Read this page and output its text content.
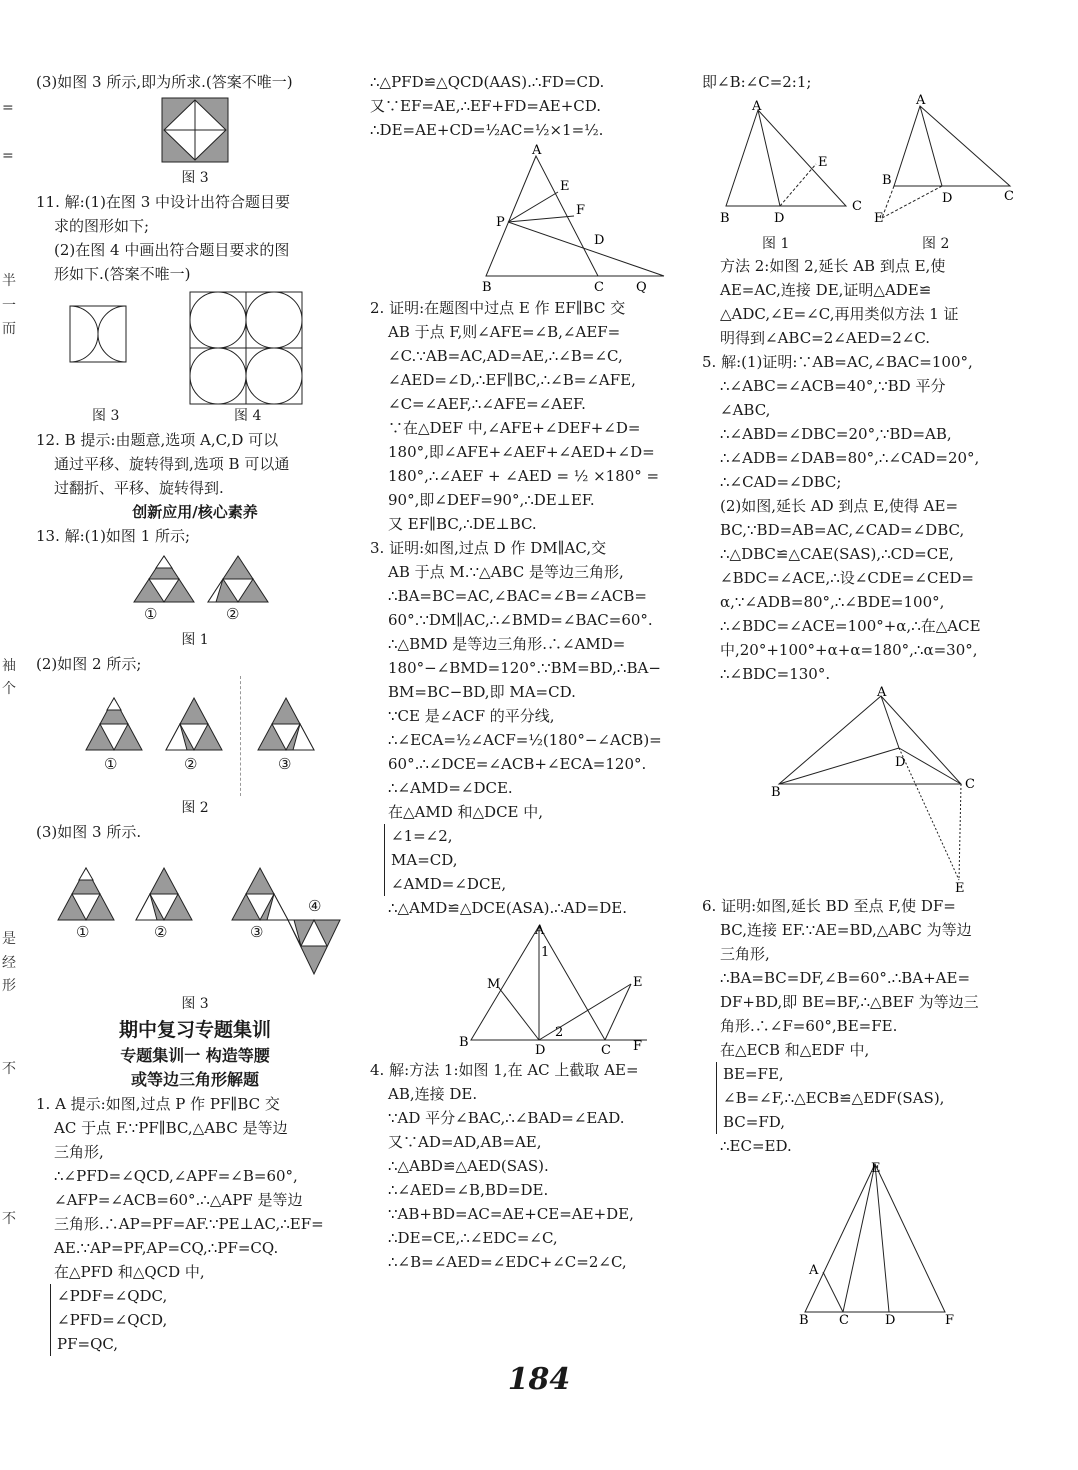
=
=
半
一
而
袖
个
是
经
形
不
不
(3)如图 3 所示,即为所求.(答案不唯一)
图 3
11. 解:(1)在图 3 中设计出符合题目要
求的图形如下;
(2)在图 4 中画出符合题目要求的图
形如下.(答案不唯一)
图 3	图 4
12. B 提示:由题意,选项 A,C,D 可以
通过平移、旋转得到,选项 B 可以通
过翻折、平移、旋转得到.
创新应用/核心素养
13. 解:(1)如图 1 所示;
①	②
图 1
(2)如图 2 所示;
①	②	③
图 2
(3)如图 3 所示.
①	②	③
④
图 3
期中复习专题集训
专题集训一 构造等腰
或等边三角形解题
1. A 提示:如图,过点 P 作 PF∥BC 交
AC 于点 F.∵PF∥BC,△ABC 是等边
三角形,
∴∠PFD=∠QCD,∠APF=∠B=60°,
∠AFP=∠ACB=60°.∴△APF 是等边
三角形.∴AP=PF=AF.∵PE⊥AC,∴EF=
AE.∵AP=PF,AP=CQ,∴PF=CQ.
在△PFD 和△QCD 中,
∠PDF=∠QDC,
∠PFD=∠QCD,
PF=QC,
∴△PFD≌△QCD(AAS).∴FD=CD.
又∵EF=AE,∴EF+FD=AE+CD.
∴DE=AE+CD=½AC=½×1=½.
A
B	C Q
P
E
F
D
2. 证明:在题图中过点 E 作 EF∥BC 交
AB 于点 F,则∠AFE=∠B,∠AEF=
∠C.∵AB=AC,AD=AE,∴∠B=∠C,
∠AED=∠D,∴EF∥BC,∴∠B=∠AFE,
∠C=∠AEF,∴∠AFE=∠AEF.
∵在△DEF 中,∠AFE+∠DEF+∠D=
180°,即∠AFE+∠AEF+∠AED+∠D=
180°,∴∠AEF + ∠AED = ½ ×180° =
90°,即∠DEF=90°,∴DE⊥EF.
又 EF∥BC,∴DE⊥BC.
3. 证明:如图,过点 D 作 DM∥AC,交
AB 于点 M.∵△ABC 是等边三角形,
∴BA=BC=AC,∠BAC=∠B=∠ACB=
60°.∵DM∥AC,∴∠BMD=∠BAC=60°.
∴△BMD 是等边三角形.∴∠AMD=
180°−∠BMD=120°.∵BM=BD,∴BA−
BM=BC−BD,即 MA=CD.
∵CE 是∠ACF 的平分线,
∴∠ECA=½∠ACF=½(180°−∠ACB)=
60°.∴∠DCE=∠ACB+∠ECA=120°.
∴∠AMD=∠DCE.
在△AMD 和△DCE 中,
∠1=∠2,
MA=CD,
∠AMD=∠DCE,
∴△AMD≌△DCE(ASA).∴AD=DE.
A
B
D	C F
E
M
1
2
4. 解:方法 1:如图 1,在 AC 上截取 AE=
AB,连接 DE.
∵AD 平分∠BAC,∴∠BAD=∠EAD.
又∵AD=AD,AB=AE,
∴△ABD≌△AED(SAS).
∴∠AED=∠B,BD=DE.
∵AB+BD=AC=AE+CE=AE+DE,
∴DE=CE,∴∠EDC=∠C,
∴∠B=∠AED=∠EDC+∠C=2∠C,
即∠B:∠C=2:1;
A
B	D
C
E
A
B
D	C
E
图 1	图 2
方法 2:如图 2,延长 AB 到点 E,使
AE=AC,连接 DE,证明△ADE≌
△ADC,∠E=∠C,再用类似方法 1 证
明得到∠ABC=2∠AED=2∠C.
5. 解:(1)证明:∵AB=AC,∠BAC=100°,
∴∠ABC=∠ACB=40°,∵BD 平分
∠ABC,
∴∠ABD=∠DBC=20°,∵BD=AB,
∴∠ADB=∠DAB=80°,∴∠CAD=20°,
∴∠CAD=∠DBC;
(2)如图,延长 AD 到点 E,使得 AE=
BC,∵BD=AB=AC,∠CAD=∠DBC,
∴△DBC≌△CAE(SAS),∴CD=CE,
∠BDC=∠ACE,∴设∠CDE=∠CED=
α,∵∠ADB=80°,∴∠BDE=100°,
∴∠BDC=∠ACE=100°+α,∴在△ACE
中,20°+100°+α+α=180°,∴α=30°,
∴∠BDC=130°.
A
B
C
D
E
6. 证明:如图,延长 BD 至点 F,使 DF=
BC,连接 EF.∵AE=BD,△ABC 为等边
三角形,
∴BA=BC=DF,∠B=60°.∴BA+AE=
DF+BD,即 BE=BF,∴△BEF 为等边三
角形.∴∠F=60°,BE=FE.
在△ECB 和△EDF 中,
BE=FE,
∠B=∠F,∴△ECB≌△EDF(SAS),
BC=FD,
∴EC=ED.
E
A
B C	D	F
184
